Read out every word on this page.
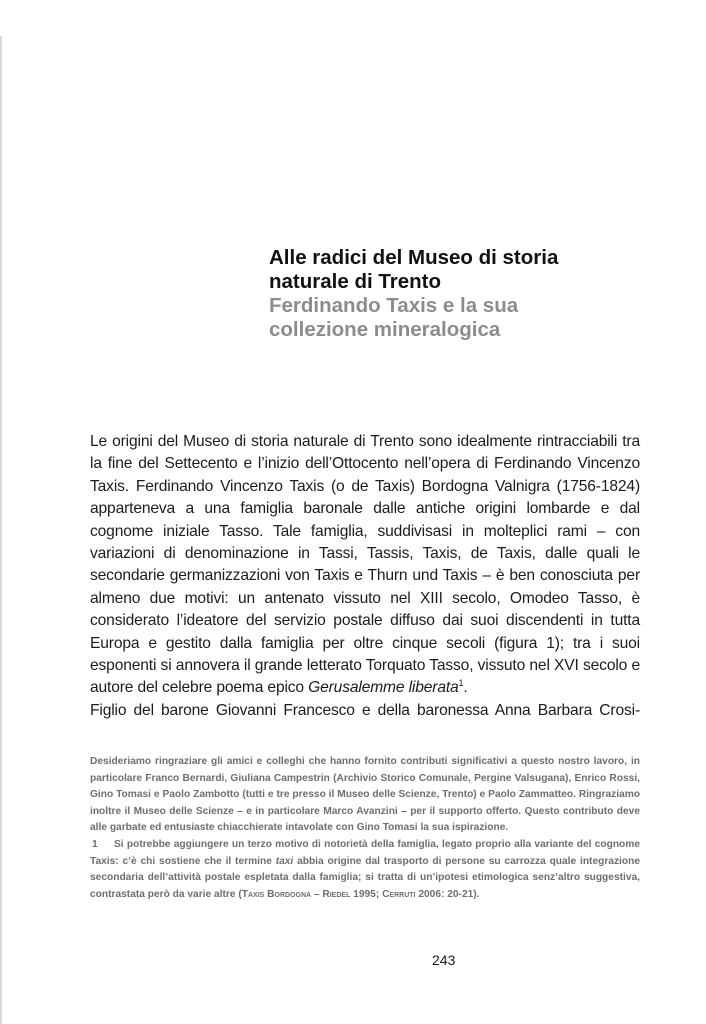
Alle radici del Museo di storia
naturale di Trento

Ferdinando Taxis e la sua
collezione mineralogica

Le origini del Museo di storia naturale di Trento sono idealmente rintracciabili tra la fine del Settecento e l’inizio dell’Ottocento nell’opera di Ferdinando Vincenzo Taxis. Ferdinando Vincenzo Taxis (o de Taxis) Bordogna Valnigra (1756-1824) apparteneva a una famiglia baronale dalle antiche origini lombarde e dal cognome iniziale Tasso. Tale famiglia, suddivisasi in molteplici rami – con variazioni di denominazione in Tassi, Tassis, Taxis, de Taxis, dalle quali le secondarie germanizzazioni von Taxis e Thurn und Taxis – è ben conosciuta per almeno due motivi: un antenato vissuto nel XIII secolo, Omodeo Tasso, è considerato l’ideatore del servizio postale diffuso dai suoi discendenti in tutta Europa e gestito dalla famiglia per oltre cinque secoli (figura 1); tra i suoi esponenti si annovera il grande letterato Torquato Tasso, vissuto nel XVI secolo e autore del celebre poema epico Gerusalemme liberata$^1$.

Figlio del barone Giovanni Francesco e della baronessa Anna Barbara Crosi-

Desideriamo ringraziare gli amici e colleghi che hanno fornito contributi significativi a questo nostro lavoro, in particolare Franco Bernardi, Giuliana Campestrin (Archivio Storico Comunale, Pergine Valsugana), Enrico Rossi, Gino Tomasi e Paolo Zambotto (tutti e tre presso il Museo delle Scienze, Trento) e Paolo Zammatteo. Ringraziamo inoltre il Museo delle Scienze – e in particolare Marco Avanzini – per il supporto offerto. Questo contributo deve alle garbate ed entusiaste chiacchierate intavolate con Gino Tomasi la sua ispirazione.

1 Si potrebbe aggiungere un terzo motivo di notorietà della famiglia, legato proprio alla variante del cognome Taxis: c’è chi sostiene che il termine taxi abbia origine dal trasporto di persone su carrozza quale integrazione secondaria dell’attività postale espletata dalla famiglia; si tratta di un’ipotesi etimologica senz’altro suggestiva, contrastata però da varie altre (Taxis Bordogna – Riedel 1995; Cerruti 2006: 20-21).

243
